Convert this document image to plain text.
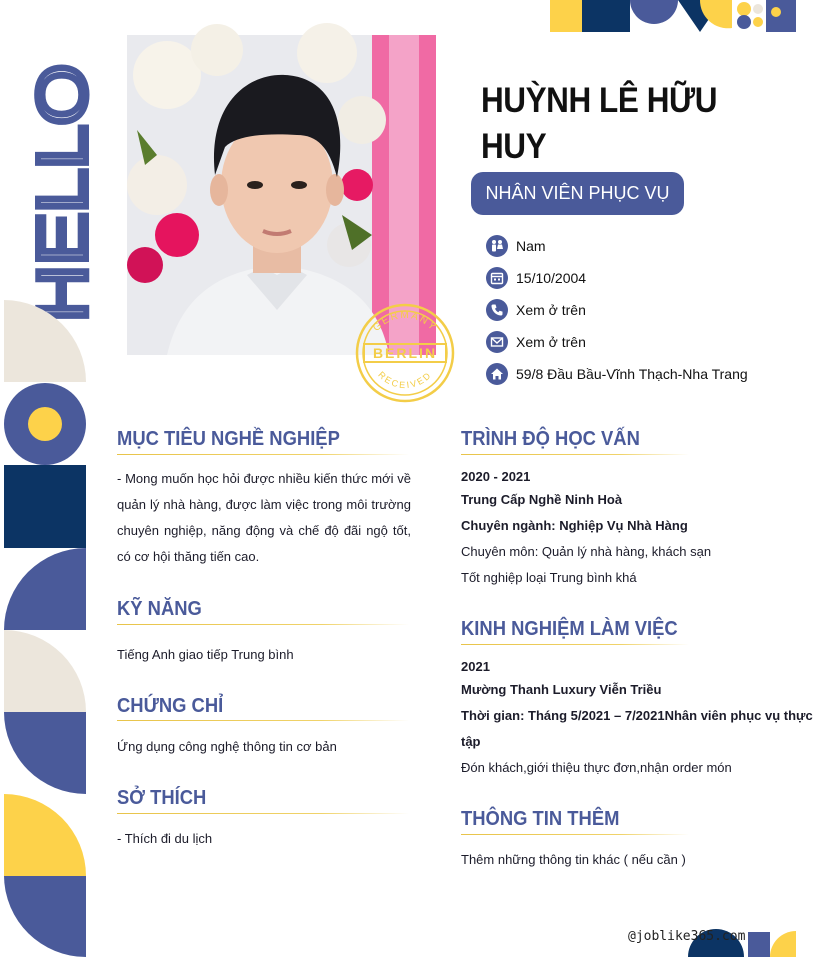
HELLO
GERMANY
BERLIN
RECEIVED
HUỲNH LÊ HỮU HUY
NHÂN VIÊN PHỤC VỤ
Nam
15/10/2004
Xem ở trên
Xem ở trên
59/8 Đầu Bầu-Vĩnh Thạch-Nha Trang
MỤC TIÊU NGHỀ NGHIỆP
- Mong muốn học hỏi được nhiều kiến thức mới về quản lý nhà hàng, được làm việc trong môi trường chuyên nghiệp, năng động và chế độ đãi ngộ tốt, có cơ hội thăng tiến cao.
KỸ NĂNG
Tiếng Anh giao tiếp Trung bình
CHỨNG CHỈ
Ứng dụng công nghệ thông tin cơ bản
SỞ THÍCH
- Thích đi du lịch
TRÌNH ĐỘ HỌC VẤN
2020 - 2021
Trung Cấp Nghề Ninh Hoà
Chuyên ngành: Nghiệp Vụ Nhà Hàng
Chuyên môn: Quản lý nhà hàng, khách sạn
Tốt nghiệp loại Trung bình khá
KINH NGHIỆM LÀM VIỆC
2021
Mường Thanh Luxury Viễn Triều
Thời gian: Tháng 5/2021 – 7/2021Nhân viên phục vụ thực
tập
Đón khách,giới thiệu thực đơn,nhận order món
THÔNG TIN THÊM
Thêm những thông tin khác ( nếu cần )
@joblike365.com
